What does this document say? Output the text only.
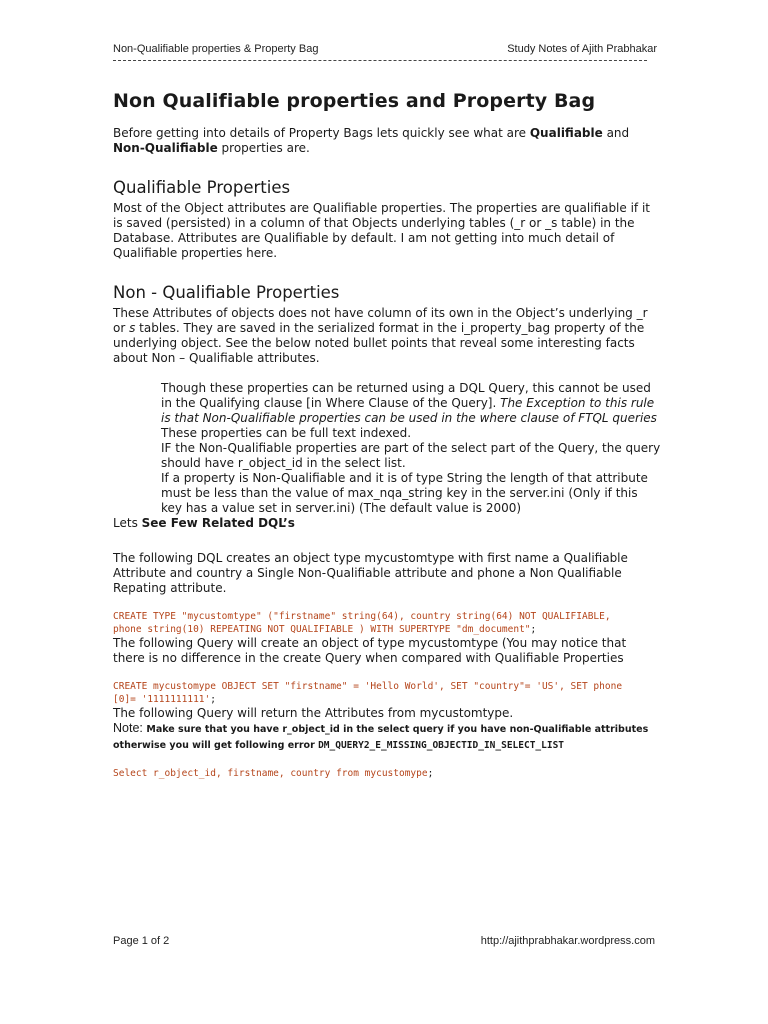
Non-Qualifiable properties & Property Bag	Study Notes of Ajith Prabhakar
Non Qualifiable properties and Property Bag

Before getting into details of Property Bags lets quickly see what are Qualifiable and
Non-Qualifiable properties are.

Qualifiable Properties

Most of the Object attributes are Qualifiable properties. The properties are qualifiable if it is saved (persisted) in a column of that Objects underlying tables (_r or _s table) in the Database. Attributes are Qualifiable by default. I am not getting into much detail of Qualifiable properties here.

Non - Qualifiable Properties

These Attributes of objects does not have column of its own in the Object’s underlying _r or s tables. They are saved in the serialized format in the i_property_bag property of the underlying object. See the below noted bullet points that reveal some interesting facts about Non – Qualifiable attributes.

Though these properties can be returned using a DQL Query, this cannot be used in the Qualifying clause [in Where Clause of the Query]. The Exception to this rule is that Non-Qualifiable properties can be used in the where clause of FTQL queries
These properties can be full text indexed.
IF the Non-Qualifiable properties are part of the select part of the Query, the query should have r_object_id in the select list.
If a property is Non-Qualifiable and it is of type String the length of that attribute must be less than the value of max_nqa_string key in the server.ini (Only if this key has a value set in server.ini) (The default value is 2000)

Lets See Few Related DQL’s

The following DQL creates an object type mycustomtype with first name a Qualifiable Attribute and country a Single Non-Qualifiable attribute and phone a Non Qualifiable Repating attribute.

CREATE TYPE "mycustomtype" ("firstname" string(64), country string(64) NOT QUALIFIABLE,
phone string(10) REPEATING NOT QUALIFIABLE ) WITH SUPERTYPE "dm_document";

The following Query will create an object of type mycustomtype (You may notice that there is no difference in the create Query when compared with Qualifiable Properties

CREATE mycustomype OBJECT SET "firstname" = 'Hello World', SET "country"= 'US', SET phone
[0]= '1111111111';

The following Query will return the Attributes from mycustomtype.

Note: Make sure that you have r_object_id in the select query if you have non-Qualifiable attributes otherwise you will get following error DM_QUERY2_E_MISSING_OBJECTID_IN_SELECT_LIST

Select r_object_id, firstname, country from mycustomype;

Page 1 of 2	http://ajithprabhakar.wordpress.com
